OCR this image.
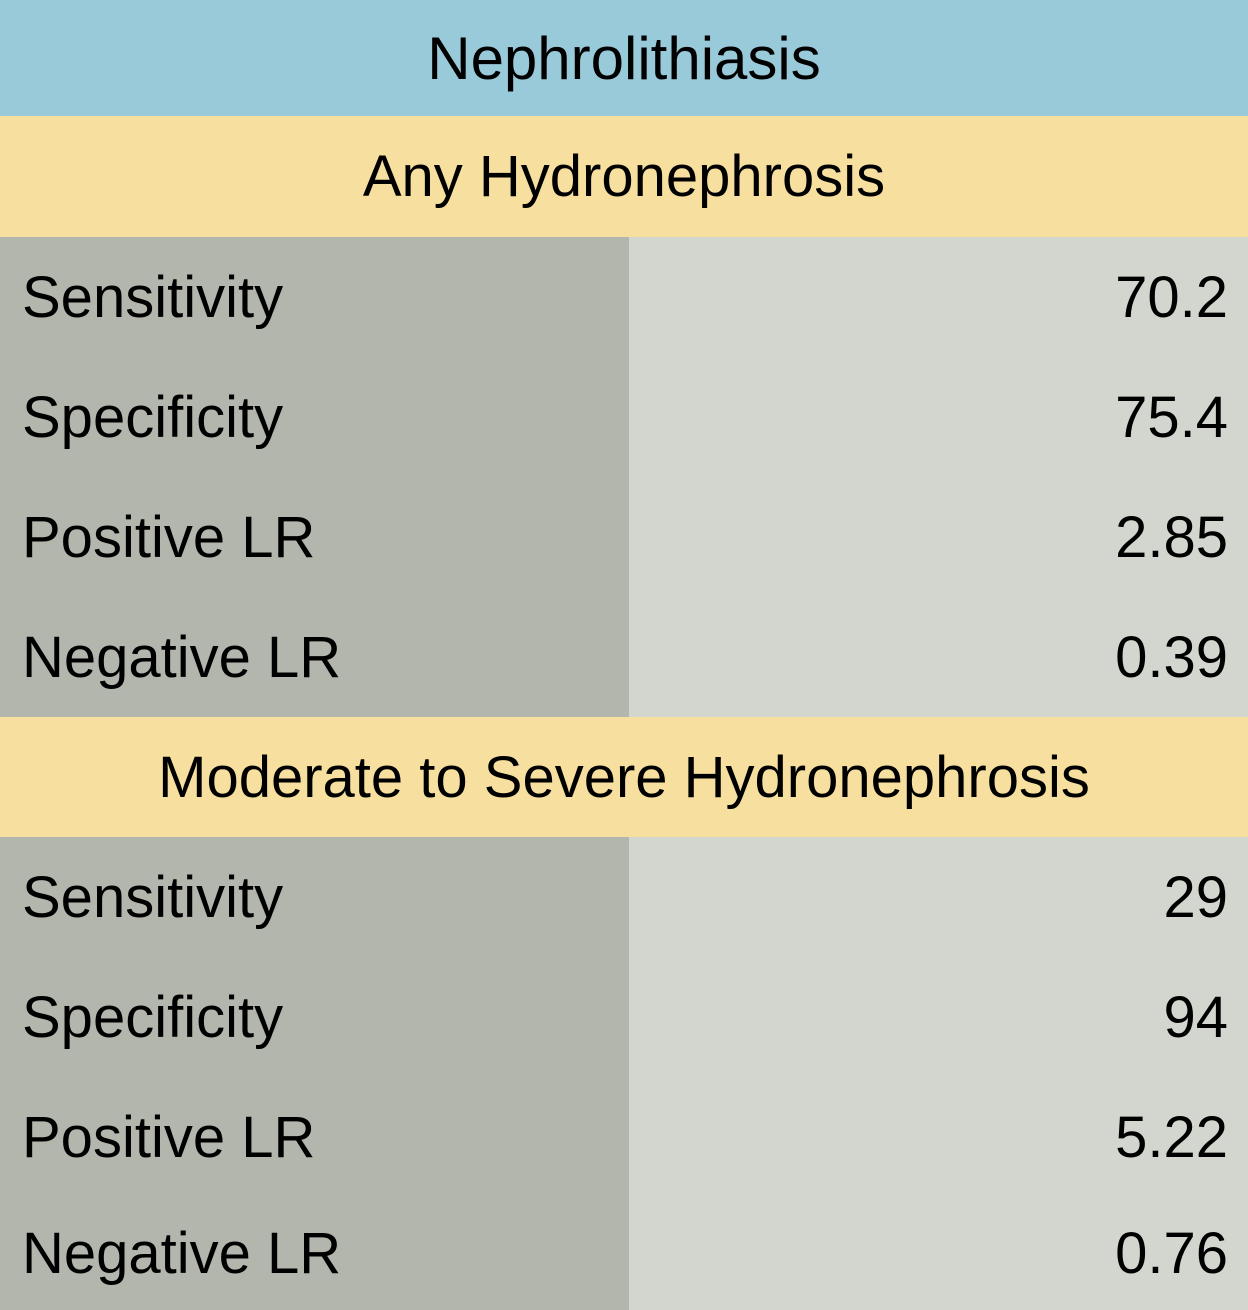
Nephrolithiasis
Any Hydronephrosis
Sensitivity	70.2
Specificity	75.4
Positive LR	2.85
Negative LR	0.39
Moderate to Severe Hydronephrosis
Sensitivity	29
Specificity	94
Positive LR	5.22
Negative LR	0.76
